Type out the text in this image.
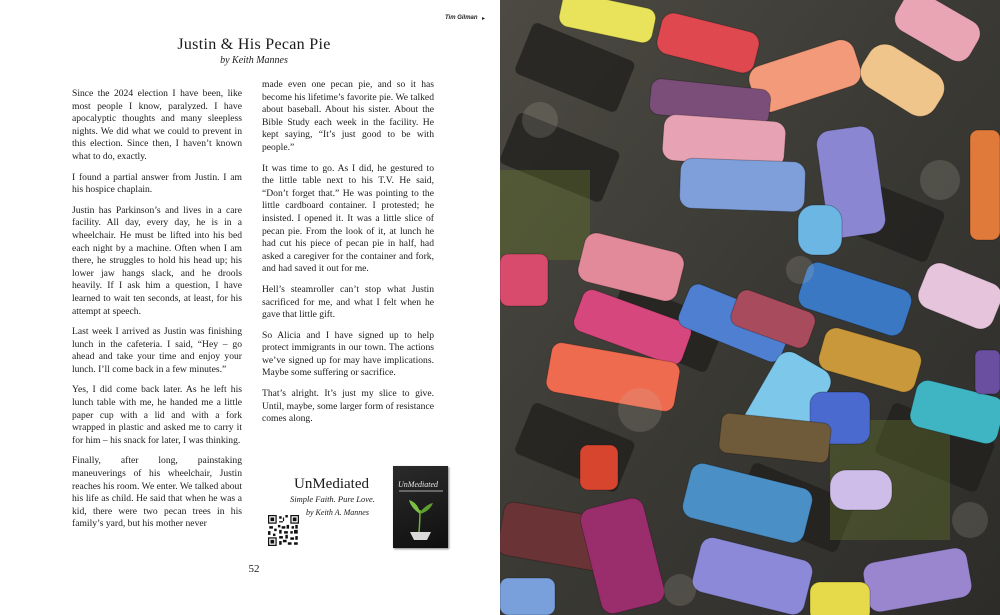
Justin & His Pecan Pie
by Keith Mannes

Since the 2024 election I have been, like most people I know, paralyzed. I have apocalyptic thoughts and many sleepless nights. We did what we could to prevent in this election. Since then, I haven’t known what to do, exactly.

I found a partial answer from Justin. I am his hospice chaplain.

Justin has Parkinson’s and lives in a care facility. All day, every day, he is in a wheelchair. He must be lifted into his bed each night by a machine. Often when I am there, he struggles to hold his head up; his lower jaw hangs slack, and he drools heavily. If I ask him a question, I have learned to wait ten seconds, at least, for his attempt at speech.

Last week I arrived as Justin was finishing lunch in the cafeteria. I said, “Hey – go ahead and take your time and enjoy your lunch. I’ll come back in a few minutes.”

Yes, I did come back later. As he left his lunch table with me, he handed me a little paper cup with a lid and with a fork wrapped in plastic and asked me to carry it for him – his snack for later, I was thinking.

Finally, after long, painstaking maneuverings of his wheelchair, Justin reaches his room. We enter. We talked about his life as child. He said that when he was a kid, there were two pecan trees in his family’s yard, but his mother never

made even one pecan pie, and so it has become his lifetime’s favorite pie. We talked about baseball. About his sister. About the Bible Study each week in the facility. He kept saying, “It’s just good to be with people.”

It was time to go. As I did, he gestured to the little table next to his T.V. He said, “Don’t forget that.” He was pointing to the little cardboard container. I protested; he insisted. I opened it. It was a little slice of pecan pie. From the look of it, at lunch he had cut his piece of pecan pie in half, had asked a caregiver for the container and fork, and had saved it out for me.

Hell’s steamroller can’t stop what Justin sacrificed for me, and what I felt when he gave that little gift.

So Alicia and I have signed up to help protect immigrants in our town. The actions we’ve signed up for may have implications. Maybe some suffering or sacrifice.

That’s alright. It’s just my slice to give. Until, maybe, some larger form of resistance comes along.

UnMediated
Simple Faith. Pure Love.
by Keith A. Mannes
UnMediated
Tim Gilman ▸
52
